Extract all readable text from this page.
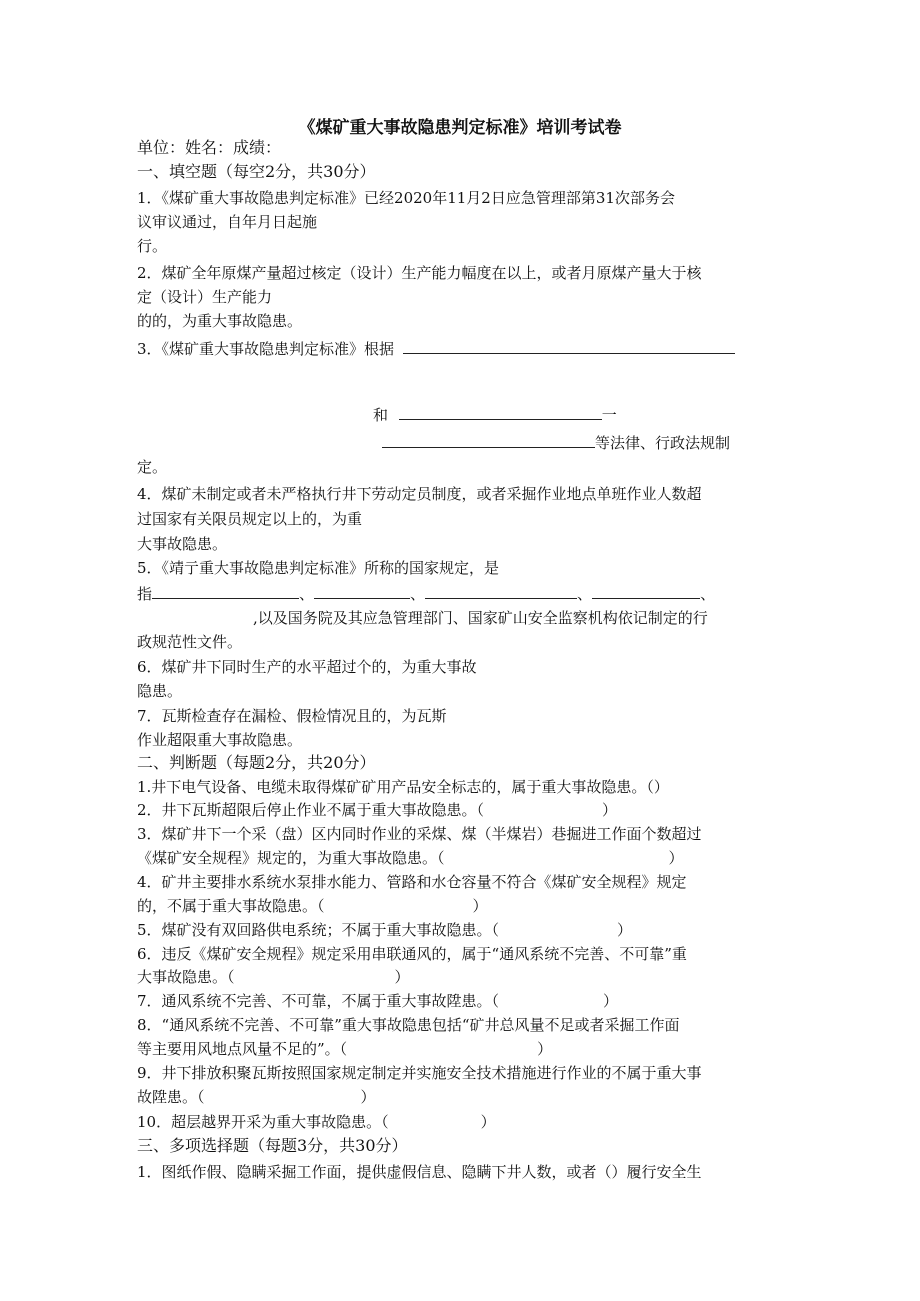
《煤矿重大事故隐患判定标准》培训考试卷
单位：姓名：成绩：
一、填空题（每空2分，共30分）
1．《煤矿重大事故隐患判定标准》已经2020年11月2日应急管理部第31次部务会
议审议通过，自年月日起施
行。
2．煤矿全年原煤产量超过核定（设计）生产能力幅度在以上，或者月原煤产量大于核
定（设计）生产能力
的的，为重大事故隐患。
3．《煤矿重大事故隐患判定标准》根据
和	一
等法律、行政法规制
定。
4．煤矿未制定或者未严格执行井下劳动定员制度，或者采掘作业地点单班作业人数超
过国家有关限员规定以上的，为重
大事故隐患。
5．《靖亍重大事故隐患判定标准》所称的国家规定，是
指	、	、	、	、
,以及国务院及其应急管理部门、国家矿山安全监察机构依记制定的行
政规范性文件。
6．煤矿井下同时生产的水平超过个的，为重大事故
隐患。
7．瓦斯检查存在漏检、假检情况且的，为瓦斯
作业超限重大事故隐患。
二、判断题（每题2分，共20分）
1.井下电气设备、电缆未取得煤矿矿用产品安全标志的，属于重大事故隐患。（）
2．井下瓦斯超限后停止作业不属于重大事故隐患。（	）
3．煤矿井下一个采（盘）区内同时作业的采煤、煤（半煤岩）巷掘进工作面个数超过
《煤矿安全规程》规定的，为重大事故隐患。（	）
4．矿井主要排水系统水泵排水能力、管路和水仓容量不符合《煤矿安全规程》规定
的，不属于重大事故隐患。（	）
5．煤矿没有双回路供电系统；不属于重大事故隐患。（	）
6．违反《煤矿安全规程》规定采用串联通风的，属于“通风系统不完善、不可靠”重
大事故隐患。（	）
7．通风系统不完善、不可靠，不属于重大事故陞患。（	）
8．“通风系统不完善、不可靠”重大事故隐患包括“矿井总风量不足或者采掘工作面
等主要用风地点风量不足的”。（	）
9．井下排放积聚瓦斯按照国家规定制定并实施安全技术措施进行作业的不属于重大事
故陞患。（	）
10．超层越界开采为重大事故隐患。（	）
三、多项选择题（每题3分，共30分）
1．图纸作假、隐瞒采掘工作面，提供虚假信息、隐瞒下井人数，或者（）履行安全生
